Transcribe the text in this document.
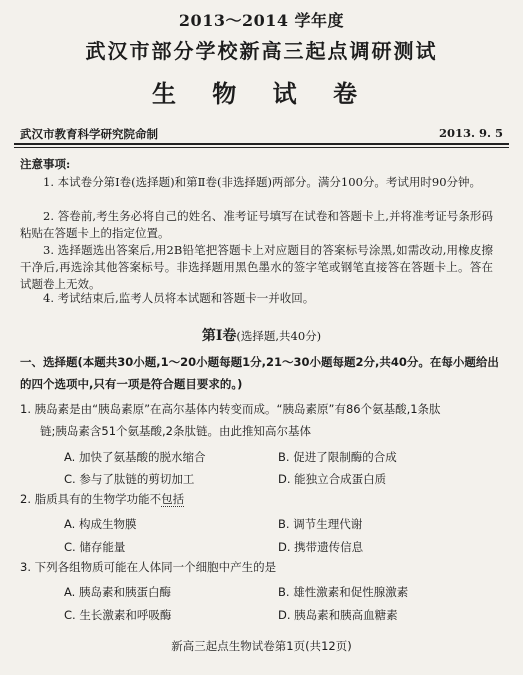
2013～2014 学年度
武汉市部分学校新高三起点调研测试
生 物 试 卷
武汉市教育科学研究院命制	2013. 9. 5
注意事项:
1. 本试卷分第Ⅰ卷(选择题)和第Ⅱ卷(非选择题)两部分。满分100分。考试用时90分钟。
2. 答卷前,考生务必将自己的姓名、准考证号填写在试卷和答题卡上,并将准考证号条形码粘贴在答题卡上的指定位置。
3. 选择题选出答案后,用2B铅笔把答题卡上对应题目的答案标号涂黑,如需改动,用橡皮擦干净后,再选涂其他答案标号。非选择题用黑色墨水的签字笔或钢笔直接答在答题卡上。答在试题卷上无效。
4. 考试结束后,监考人员将本试题和答题卡一并收回。
第Ⅰ卷(选择题,共40分)
一、选择题(本题共30小题,1～20小题每题1分,21～30小题每题2分,共40分。在每小题给出的四个选项中,只有一项是符合题目要求的。)
1. 胰岛素是由“胰岛素原”在高尔基体内转变而成。“胰岛素原”有86个氨基酸,1条肽
链;胰岛素含51个氨基酸,2条肽链。由此推知高尔基体
A. 加快了氨基酸的脱水缩合	B. 促进了限制酶的合成
C. 参与了肽链的剪切加工	D. 能独立合成蛋白质
2. 脂质具有的生物学功能不包括
A. 构成生物膜	B. 调节生理代谢
C. 储存能量	D. 携带遗传信息
3. 下列各组物质可能在人体同一个细胞中产生的是
A. 胰岛素和胰蛋白酶	B. 雄性激素和促性腺激素
C. 生长激素和呼吸酶	D. 胰岛素和胰高血糖素
新高三起点生物试卷第1页(共12页)
